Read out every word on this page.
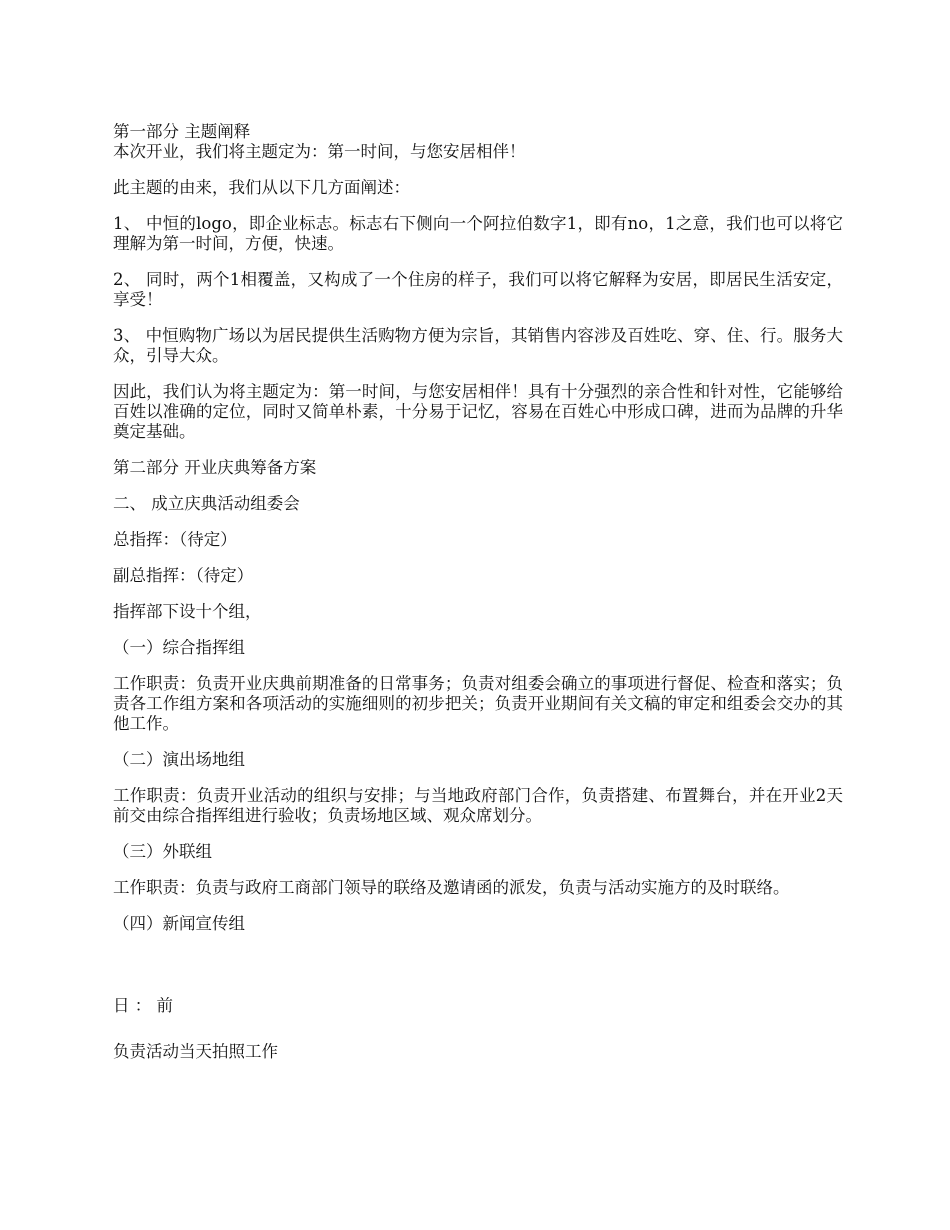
第一部分 主题阐释

本次开业，我们将主题定为：第一时间，与您安居相伴！

此主题的由来，我们从以下几方面阐述：

1、 中恒的logo，即企业标志。标志右下侧向一个阿拉伯数字1，即有no，1之意，我们也可以将它理解为第一时间，方便，快速。

2、 同时，两个1相覆盖，又构成了一个住房的样子，我们可以将它解释为安居，即居民生活安定，享受！

3、 中恒购物广场以为居民提供生活购物方便为宗旨，其销售内容涉及百姓吃、穿、住、行。服务大众，引导大众。

因此，我们认为将主题定为：第一时间，与您安居相伴！具有十分强烈的亲合性和针对性，它能够给百姓以准确的定位，同时又简单朴素，十分易于记忆，容易在百姓心中形成口碑，进而为品牌的升华奠定基础。

第二部分 开业庆典筹备方案

二、 成立庆典活动组委会

总指挥：（待定）

副总指挥：（待定）

指挥部下设十个组，

（一）综合指挥组

工作职责：负责开业庆典前期准备的日常事务；负责对组委会确立的事项进行督促、检查和落实；负责各工作组方案和各项活动的实施细则的初步把关；负责开业期间有关文稿的审定和组委会交办的其他工作。

（二）演出场地组

工作职责：负责开业活动的组织与安排；与当地政府部门合作，负责搭建、布置舞台，并在开业2天前交由综合指挥组进行验收；负责场地区域、观众席划分。

（三）外联组

工作职责：负责与政府工商部门领导的联络及邀请函的派发，负责与活动实施方的及时联络。

（四）新闻宣传组

日 ： 前

负责活动当天拍照工作
